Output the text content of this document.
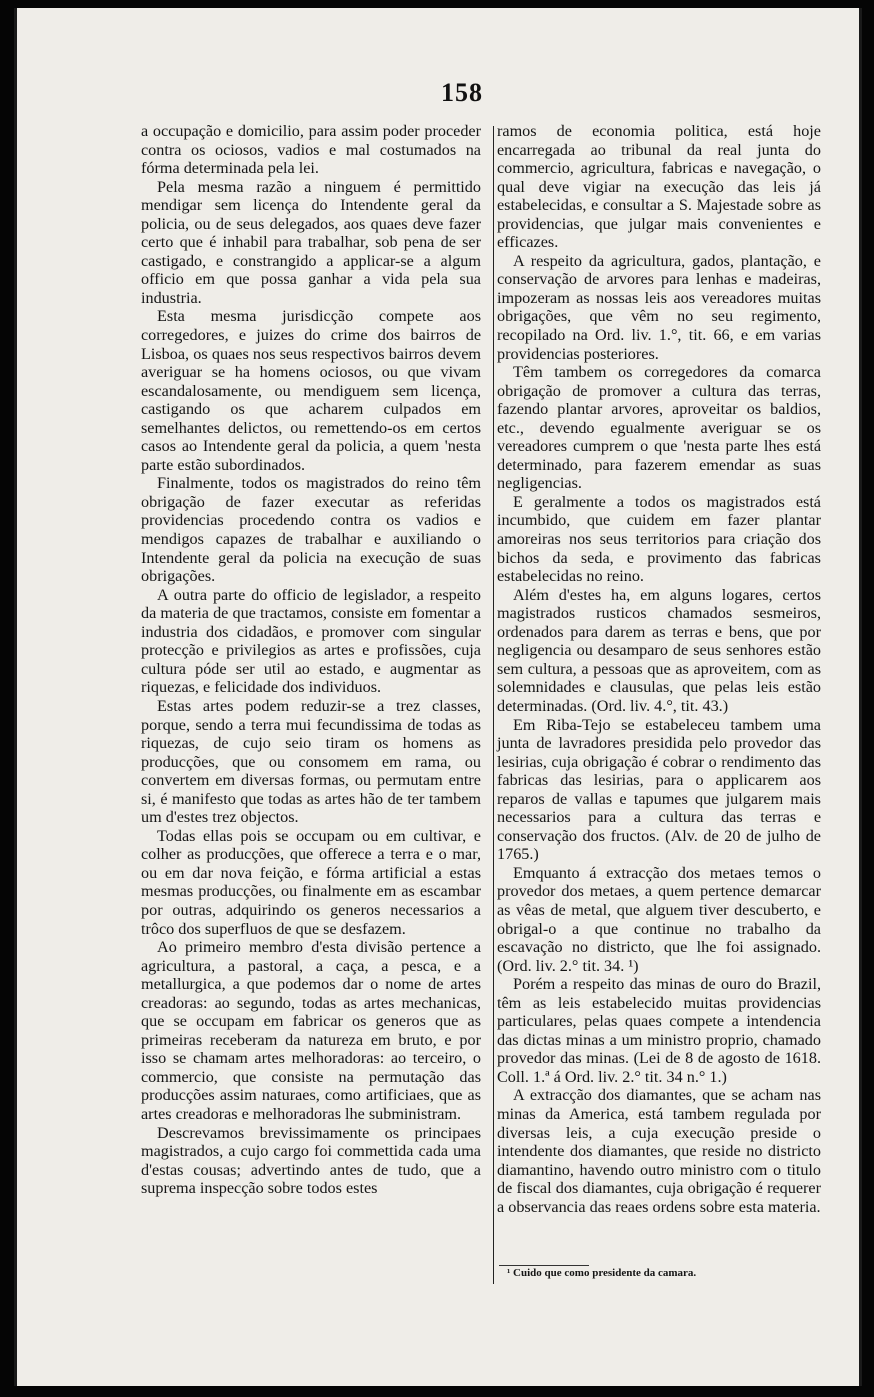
158

a occupação e domicilio, para assim poder proceder contra os ociosos, vadios e mal costumados na fórma determinada pela lei.

Pela mesma razão a ninguem é permittido mendigar sem licença do Intendente geral da policia, ou de seus delegados, aos quaes deve fazer certo que é inhabil para trabalhar, sob pena de ser castigado, e constrangido a applicar-se a algum officio em que possa ganhar a vida pela sua industria.

Esta mesma jurisdicção compete aos corregedores, e juizes do crime dos bairros de Lisboa, os quaes nos seus respectivos bairros devem averiguar se ha homens ociosos, ou que vivam escandalosamente, ou mendiguem sem licença, castigando os que acharem culpados em semelhantes delictos, ou remettendo-os em certos casos ao Intendente geral da policia, a quem 'nesta parte estão subordinados.

Finalmente, todos os magistrados do reino têm obrigação de fazer executar as referidas providencias procedendo contra os vadios e mendigos capazes de trabalhar e auxiliando o Intendente geral da policia na execução de suas obrigações.

A outra parte do officio de legislador, a respeito da materia de que tractamos, consiste em fomentar a industria dos cidadãos, e promover com singular protecção e privilegios as artes e profissões, cuja cultura póde ser util ao estado, e augmentar as riquezas, e felicidade dos individuos.

Estas artes podem reduzir-se a trez classes, porque, sendo a terra mui fecundissima de todas as riquezas, de cujo seio tiram os homens as producções, que ou consomem em rama, ou convertem em diversas formas, ou permutam entre si, é manifesto que todas as artes hão de ter tambem um d'estes trez objectos.

Todas ellas pois se occupam ou em cultivar, e colher as producções, que offerece a terra e o mar, ou em dar nova feição, e fórma artificial a estas mesmas producções, ou finalmente em as escambar por outras, adquirindo os generos necessarios a trôco dos superfluos de que se desfazem.

Ao primeiro membro d'esta divisão pertence a agricultura, a pastoral, a caça, a pesca, e a metallurgica, a que podemos dar o nome de artes creadoras: ao segundo, todas as artes mechanicas, que se occupam em fabricar os generos que as primeiras receberam da natureza em bruto, e por isso se chamam artes melhoradoras: ao terceiro, o commercio, que consiste na permutação das producções assim naturaes, como artificiaes, que as artes creadoras e melhoradoras lhe subministram.

Descrevamos brevissimamente os principaes magistrados, a cujo cargo foi commettida cada uma d'estas cousas; advertindo antes de tudo, que a suprema inspecção sobre todos estes

ramos de economia politica, está hoje encarregada ao tribunal da real junta do commercio, agricultura, fabricas e navegação, o qual deve vigiar na execução das leis já estabelecidas, e consultar a S. Majestade sobre as providencias, que julgar mais convenientes e efficazes.

A respeito da agricultura, gados, plantação, e conservação de arvores para lenhas e madeiras, impozeram as nossas leis aos vereadores muitas obrigações, que vêm no seu regimento, recopilado na Ord. liv. 1.°, tit. 66, e em varias providencias posteriores.

Têm tambem os corregedores da comarca obrigação de promover a cultura das terras, fazendo plantar arvores, aproveitar os baldios, etc., devendo egualmente averiguar se os vereadores cumprem o que 'nesta parte lhes está determinado, para fazerem emendar as suas negligencias.

E geralmente a todos os magistrados está incumbido, que cuidem em fazer plantar amoreiras nos seus territorios para criação dos bichos da seda, e provimento das fabricas estabelecidas no reino.

Além d'estes ha, em alguns logares, certos magistrados rusticos chamados sesmeiros, ordenados para darem as terras e bens, que por negligencia ou desamparo de seus senhores estão sem cultura, a pessoas que as aproveitem, com as solemnidades e clausulas, que pelas leis estão determinadas. (Ord. liv. 4.°, tit. 43.)

Em Riba-Tejo se estabeleceu tambem uma junta de lavradores presidida pelo provedor das lesirias, cuja obrigação é cobrar o rendimento das fabricas das lesirias, para o applicarem aos reparos de vallas e tapumes que julgarem mais necessarios para a cultura das terras e conservação dos fructos. (Alv. de 20 de julho de 1765.)

Emquanto á extracção dos metaes temos o provedor dos metaes, a quem pertence demarcar as vêas de metal, que alguem tiver descuberto, e obrigal-o a que continue no trabalho da escavação no districto, que lhe foi assignado. (Ord. liv. 2.° tit. 34. ¹)

Porém a respeito das minas de ouro do Brazil, têm as leis estabelecido muitas providencias particulares, pelas quaes compete a intendencia das dictas minas a um ministro proprio, chamado provedor das minas. (Lei de 8 de agosto de 1618. Coll. 1.ª á Ord. liv. 2.° tit. 34 n.° 1.)

A extracção dos diamantes, que se acham nas minas da America, está tambem regulada por diversas leis, a cuja execução preside o intendente dos diamantes, que reside no districto diamantino, havendo outro ministro com o titulo de fiscal dos diamantes, cuja obrigação é requerer a observancia das reaes ordens sobre esta materia.

¹ Cuido que como presidente da camara.
